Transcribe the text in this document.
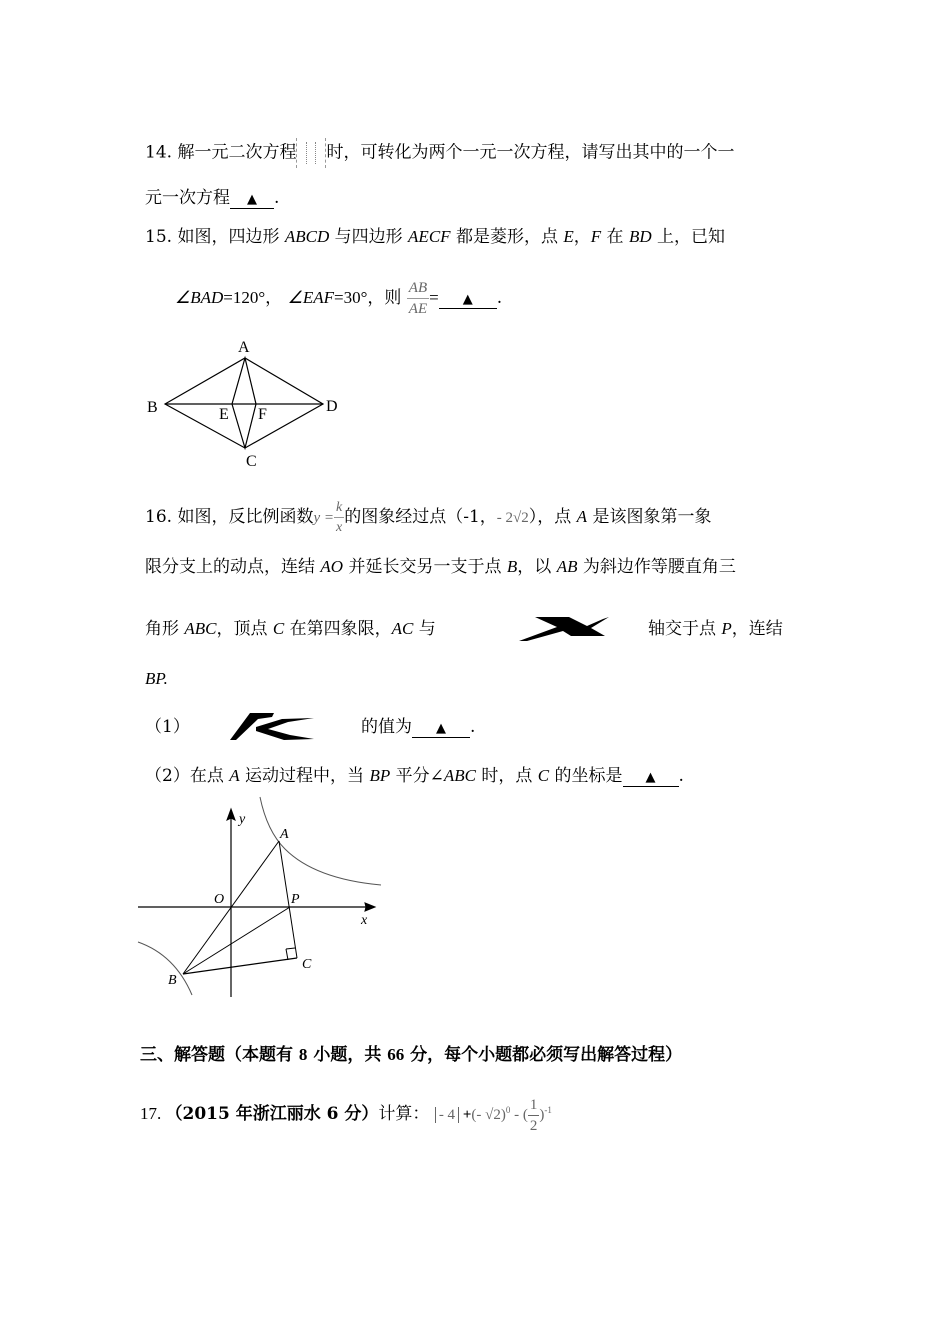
14. 解一元二次方程 时，可转化为两个一元一次方程，请写出其中的一个一
元一次方程 ▲ .
15. 如图，四边形 ABCD 与四边形 AECF 都是菱形，点 E，F 在 BD 上，已知
∠BAD=120°， ∠EAF=30°，则 $\frac{AB}{AE}$ = ▲ .
A
B
C
D
E F
16. 如图，反比例函数$y = \frac{k}{x}$ 的图象经过点（-1，- 2√2），点 A 是该图象第一象
限分支上的动点，连结 AO 并延长交另一支于点 B，以 AB 为斜边作等腰直角三
角形 ABC，顶点 C 在第四象限，AC 与	轴交于点 P，连结
BP.
（1）	的值为 ▲ .
（2）在点 A 运动过程中，当 BP 平分∠ABC 时，点 C 的坐标是 ▲ .
y
x
O
A
P
B
C
三、解答题（本题有 8 小题，共 66 分，每个小题都必须写出解答过程）
17. （2015 年浙江丽水 6 分）计算： - 4 +(- √2)$^0$ - ( $\frac{1}{2} )^{-1}$
